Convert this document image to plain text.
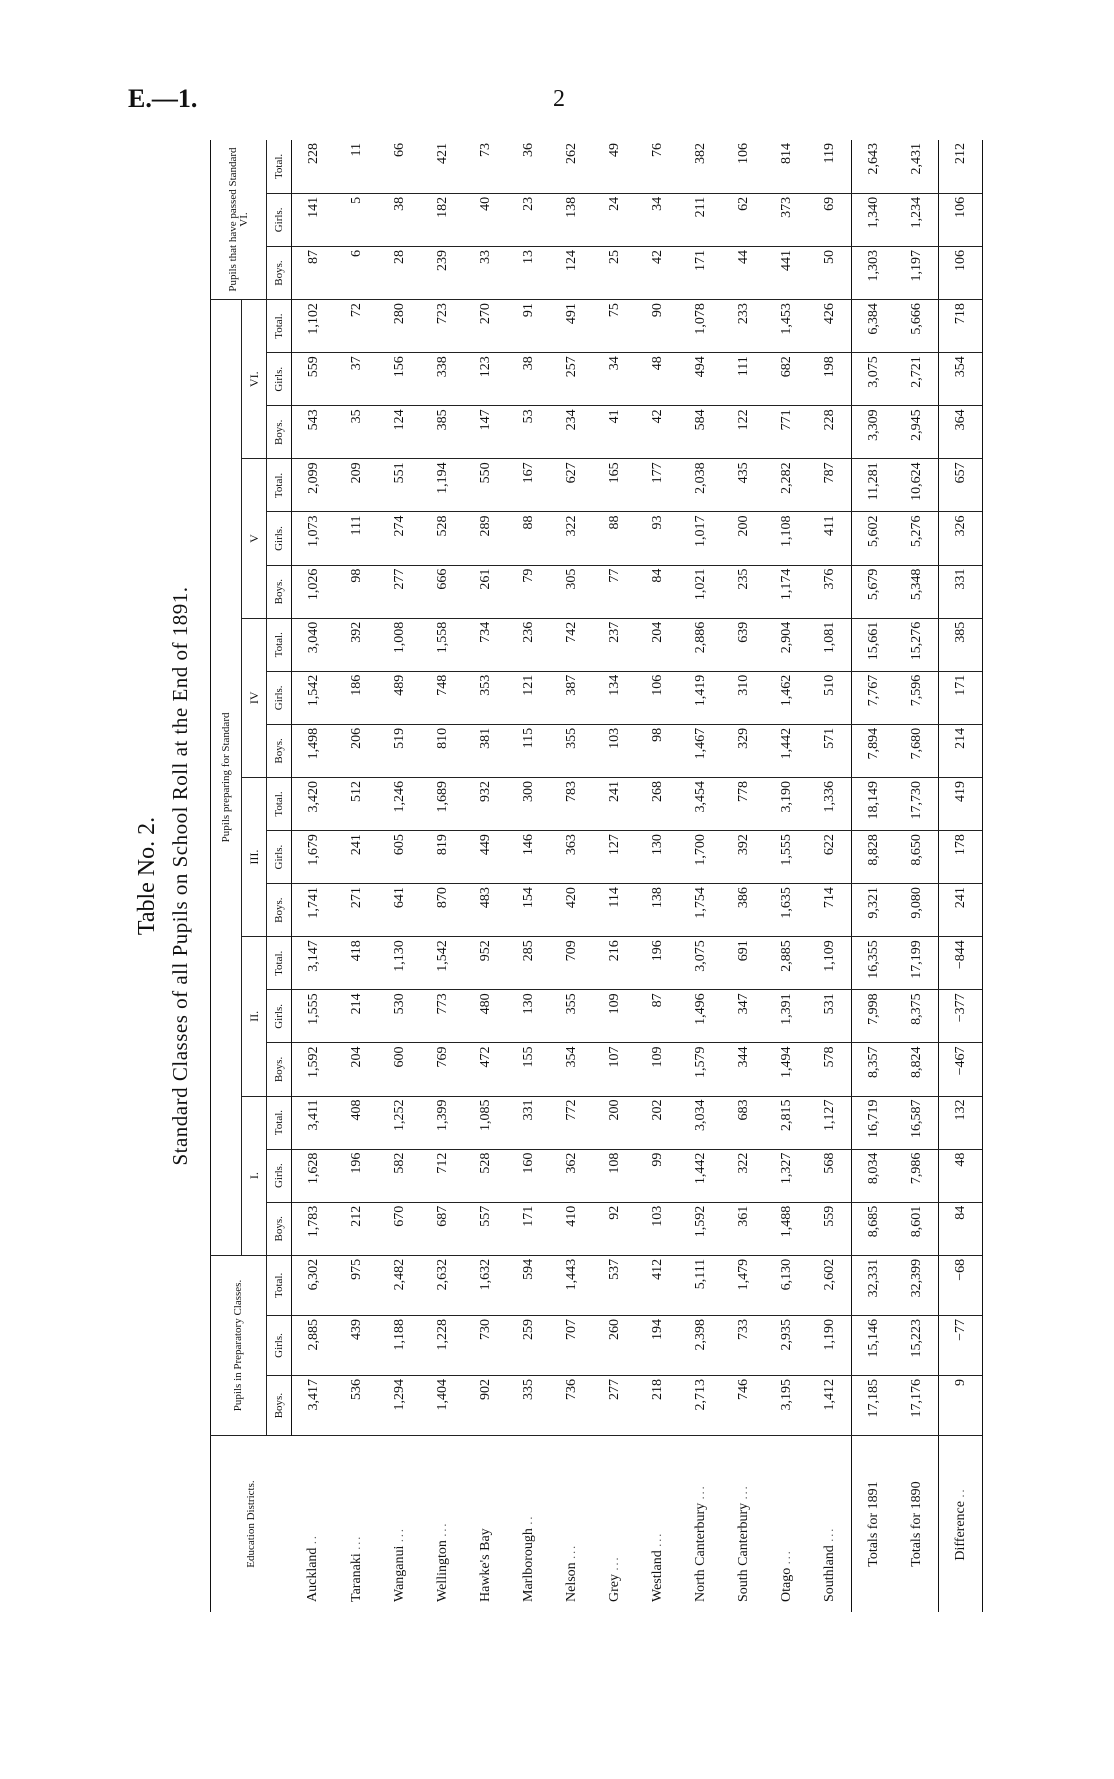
E.—1.	2
Table No. 2. Standard Classes of all Pupils on School Roll at the End of 1891.
Education Districts.	Pupils in Preparatory Classes.			Pupils preparing for Standard																		Pupils that have passed Standard VI.		
				I.			II.			III.			IV			V			VI.					
	Boys.	Girls.	Total.	Boys.	Girls.	Total.	Boys.	Girls.	Total.	Boys.	Girls.	Total.	Boys.	Girls.	Total.	Boys.	Girls.	Total.	Boys.	Girls.	Total.	Boys.	Girls.	Total.
Auckland ..	3,417	2,885	6,302	1,783	1,628	3,411	1,592	1,555	3,147	1,741	1,679	3,420	1,498	1,542	3,040	1,026	1,073	2,099	543	559	1,102	87	141	228
Taranaki ...	536	439	975	212	196	408	204	214	418	271	241	512	206	186	392	98	111	209	35	37	72	6	5	11
Wanganui ...	1,294	1,188	2,482	670	582	1,252	600	530	1,130	641	605	1,246	519	489	1,008	277	274	551	124	156	280	28	38	66
Wellington ...	1,404	1,228	2,632	687	712	1,399	769	773	1,542	870	819	1,689	810	748	1,558	666	528	1,194	385	338	723	239	182	421
Hawke's Bay	902	730	1,632	557	528	1,085	472	480	952	483	449	932	381	353	734	261	289	550	147	123	270	33	40	73
Marlborough ..	335	259	594	171	160	331	155	130	285	154	146	300	115	121	236	79	88	167	53	38	91	13	23	36
Nelson ...	736	707	1,443	410	362	772	354	355	709	420	363	783	355	387	742	305	322	627	234	257	491	124	138	262
Grey ...	277	260	537	92	108	200	107	109	216	114	127	241	103	134	237	77	88	165	41	34	75	25	24	49
Westland ...	218	194	412	103	99	202	109	87	196	138	130	268	98	106	204	84	93	177	42	48	90	42	34	76
North Canterbury ...	2,713	2,398	5,111	1,592	1,442	3,034	1,579	1,496	3,075	1,754	1,700	3,454	1,467	1,419	2,886	1,021	1,017	2,038	584	494	1,078	171	211	382
South Canterbury ...	746	733	1,479	361	322	683	344	347	691	386	392	778	329	310	639	235	200	435	122	111	233	44	62	106
Otago ...	3,195	2,935	6,130	1,488	1,327	2,815	1,494	1,391	2,885	1,635	1,555	3,190	1,442	1,462	2,904	1,174	1,108	2,282	771	682	1,453	441	373	814
Southland ...	1,412	1,190	2,602	559	568	1,127	578	531	1,109	714	622	1,336	571	510	1,081	376	411	787	228	198	426	50	69	119
Totals for 1891	17,185	15,146	32,331	8,685	8,034	16,719	8,357	7,998	16,355	9,321	8,828	18,149	7,894	7,767	15,661	5,679	5,602	11,281	3,309	3,075	6,384	1,303	1,340	2,643
Totals for 1890	17,176	15,223	32,399	8,601	7,986	16,587	8,824	8,375	17,199	9,080	8,650	17,730	7,680	7,596	15,276	5,348	5,276	10,624	2,945	2,721	5,666	1,197	1,234	2,431
Difference ..	9	−77	−68	84	48	132	−467	−377	−844	241	178	419	214	171	385	331	326	657	364	354	718	106	106	212
